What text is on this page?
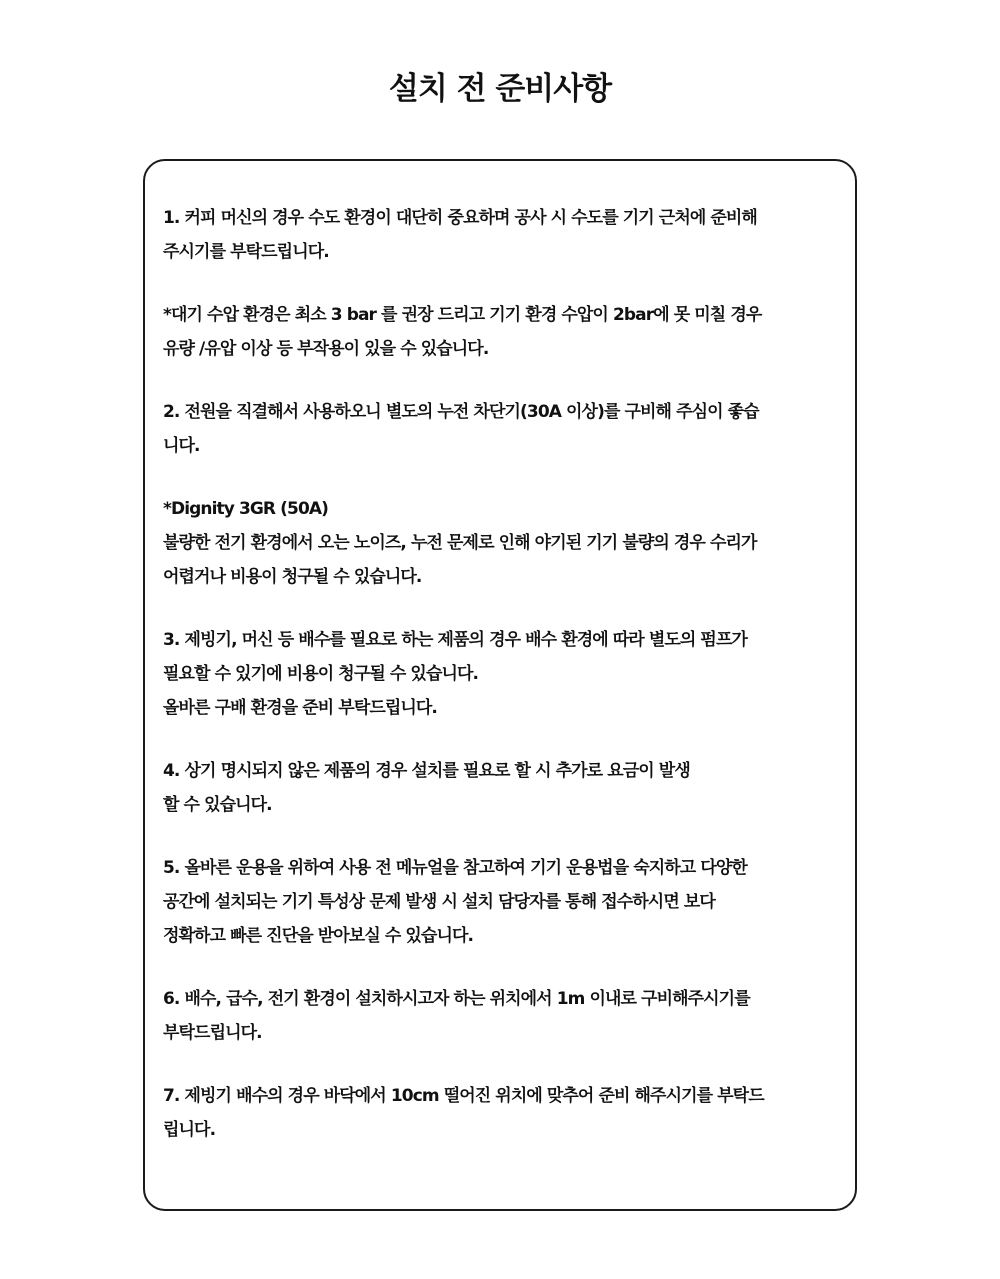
설치 전 준비사항
1. 커피 머신의 경우 수도 환경이 대단히 중요하며 공사 시 수도를 기기 근처에 준비해
주시기를 부탁드립니다.
*대기 수압 환경은 최소 3 bar 를 권장 드리고 기기 환경 수압이 2bar에 못 미칠 경우
유량 /유압 이상 등 부작용이 있을 수 있습니다.
2. 전원을 직결해서 사용하오니 별도의 누전 차단기(30A 이상)를 구비해 주심이 좋습
니다.
*Dignity 3GR (50A)
불량한 전기 환경에서 오는 노이즈, 누전 문제로 인해 야기된 기기 불량의 경우 수리가
어렵거나 비용이 청구될 수 있습니다.
3. 제빙기, 머신 등 배수를 필요로 하는 제품의 경우 배수 환경에 따라 별도의 펌프가
필요할 수 있기에 비용이 청구될 수 있습니다.
올바른 구배 환경을 준비 부탁드립니다.
4. 상기 명시되지 않은 제품의 경우 설치를 필요로 할 시 추가로 요금이 발생
할 수 있습니다.
5. 올바른 운용을 위하여 사용 전 메뉴얼을 참고하여 기기 운용법을 숙지하고 다양한
공간에 설치되는 기기 특성상 문제 발생 시 설치 담당자를 통해 접수하시면 보다
정확하고 빠른 진단을 받아보실 수 있습니다.
6. 배수, 급수, 전기 환경이 설치하시고자 하는 위치에서 1m 이내로 구비해주시기를
부탁드립니다.
7. 제빙기 배수의 경우 바닥에서 10cm 떨어진 위치에 맞추어 준비 해주시기를 부탁드
립니다.
